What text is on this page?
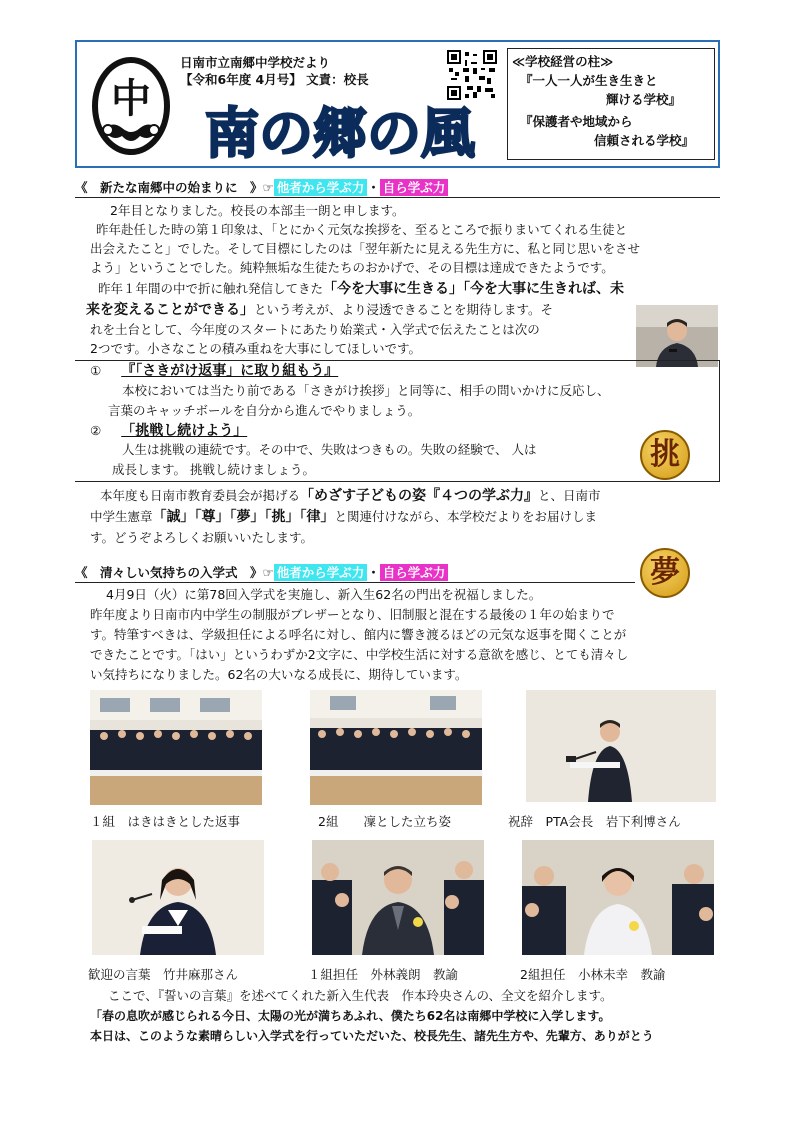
中
日南市立南郷中学校だより
【令和6年度 4月号】 文責：校長
≪学校経営の柱≫
『一人一人が生き生きと
輝ける学校』
『保護者や地域から
信頼される学校』
南の郷の風
《　新たな南郷中の始まりに　》☞ 他者から学ぶ力 ・ 自ら学ぶ力
2年目となりました。校長の本部圭一朗と申します。
昨年赴任した時の第１印象は、「とにかく元気な挨拶を、至るところで振りまいてくれる生徒と
出会えたこと」でした。そして目標にしたのは「翌年新たに見える先生方に、私と同じ思いをさせ
よう」ということでした。純粋無垢な生徒たちのおかげで、その目標は達成できたようです。
昨年１年間の中で折に触れ発信してきた「今を大事に生きる」「今を大事に生きれば、未
来を変えることができる」という考えが、より浸透できることを期待します。そ
れを土台として、今年度のスタートにあたり始業式・入学式で伝えたことは次の
2つです。小さなことの積み重ねを大事にしてほしいです。
① 『「さきがけ返事」に取り組もう』
本校においては当たり前である「さきがけ挨拶」と同等に、相手の問いかけに反応し、
言葉のキャッチボールを自分から進んでやりましょう。
② 「挑戦し続けよう」
人生は挑戦の連続です。その中で、失敗はつきもの。失敗の経験で、 人は
成長します。 挑戦し続けましょう。	挑
本年度も日南市教育委員会が掲げる「めざす子どもの姿『４つの学ぶ力』と、日南市
中学生憲章「誠」「尊」「夢」「挑」「律」と関連付けながら、本学校だよりをお届けしま
す。どうぞよろしくお願いいたします。
《　清々しい気持ちの入学式　》☞ 他者から学ぶ力 ・ 自ら学ぶ力	夢
4月9日（火）に第78回入学式を実施し、新入生62名の門出を祝福しました。
昨年度より日南市内中学生の制服がブレザーとなり、旧制服と混在する最後の１年の始まりで
す。特筆すべきは、学級担任による呼名に対し、館内に響き渡るほどの元気な返事を聞くことが
できたことです。「はい」というわずか2文字に、中学校生活に対する意欲を感じ、とても清々し
い気持ちになりました。62名の大いなる成長に、期待しています。
１組　はきはきとした返事	2組　　凜とした立ち姿	祝辞　PTA会長　岩下利博さん
歓迎の言葉　竹井麻那さん	１組担任　外林義朗　教諭	2組担任　小林未幸　教諭
ここで、『誓いの言葉』を述べてくれた新入生代表　作本玲央さんの、全文を紹介します。
「春の息吹が感じられる今日、太陽の光が満ちあふれ、僕たち62名は南郷中学校に入学します。
本日は、このような素晴らしい入学式を行っていただいた、校長先生、諸先生方や、先輩方、ありがとう
